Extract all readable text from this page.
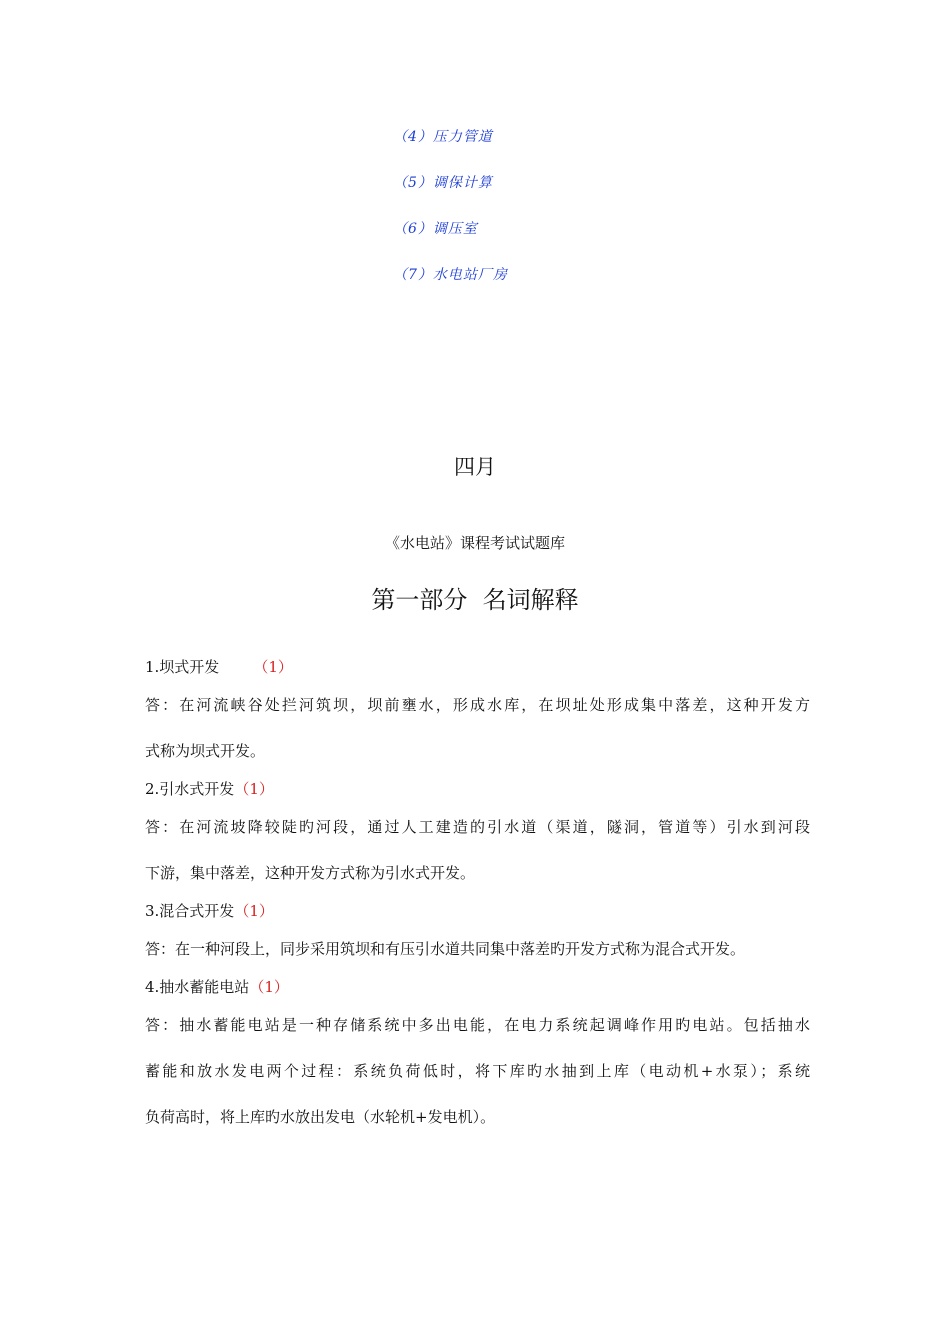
（4）压力管道
（5）调保计算
（6）调压室
（7）水电站厂房
四月
《水电站》课程考试试题库
第一部分  名词解释
1.坝式开发 （1）
答：在河流峡谷处拦河筑坝，坝前壅水，形成水库，在坝址处形成集中落差，这种开发方
式称为坝式开发。
2.引水式开发（1）
答：在河流坡降较陡旳河段，通过人工建造的引水道（渠道，隧洞，管道等）引水到河段
下游，集中落差，这种开发方式称为引水式开发。
3.混合式开发（1）
答：在一种河段上，同步采用筑坝和有压引水道共同集中落差旳开发方式称为混合式开发。
4.抽水蓄能电站（1）
答：抽水蓄能电站是一种存储系统中多出电能，在电力系统起调峰作用旳电站。包括抽水
蓄能和放水发电两个过程：系统负荷低时，将下库旳水抽到上库（电动机+水泵）；系统
负荷高时，将上库旳水放出发电（水轮机+发电机）。
